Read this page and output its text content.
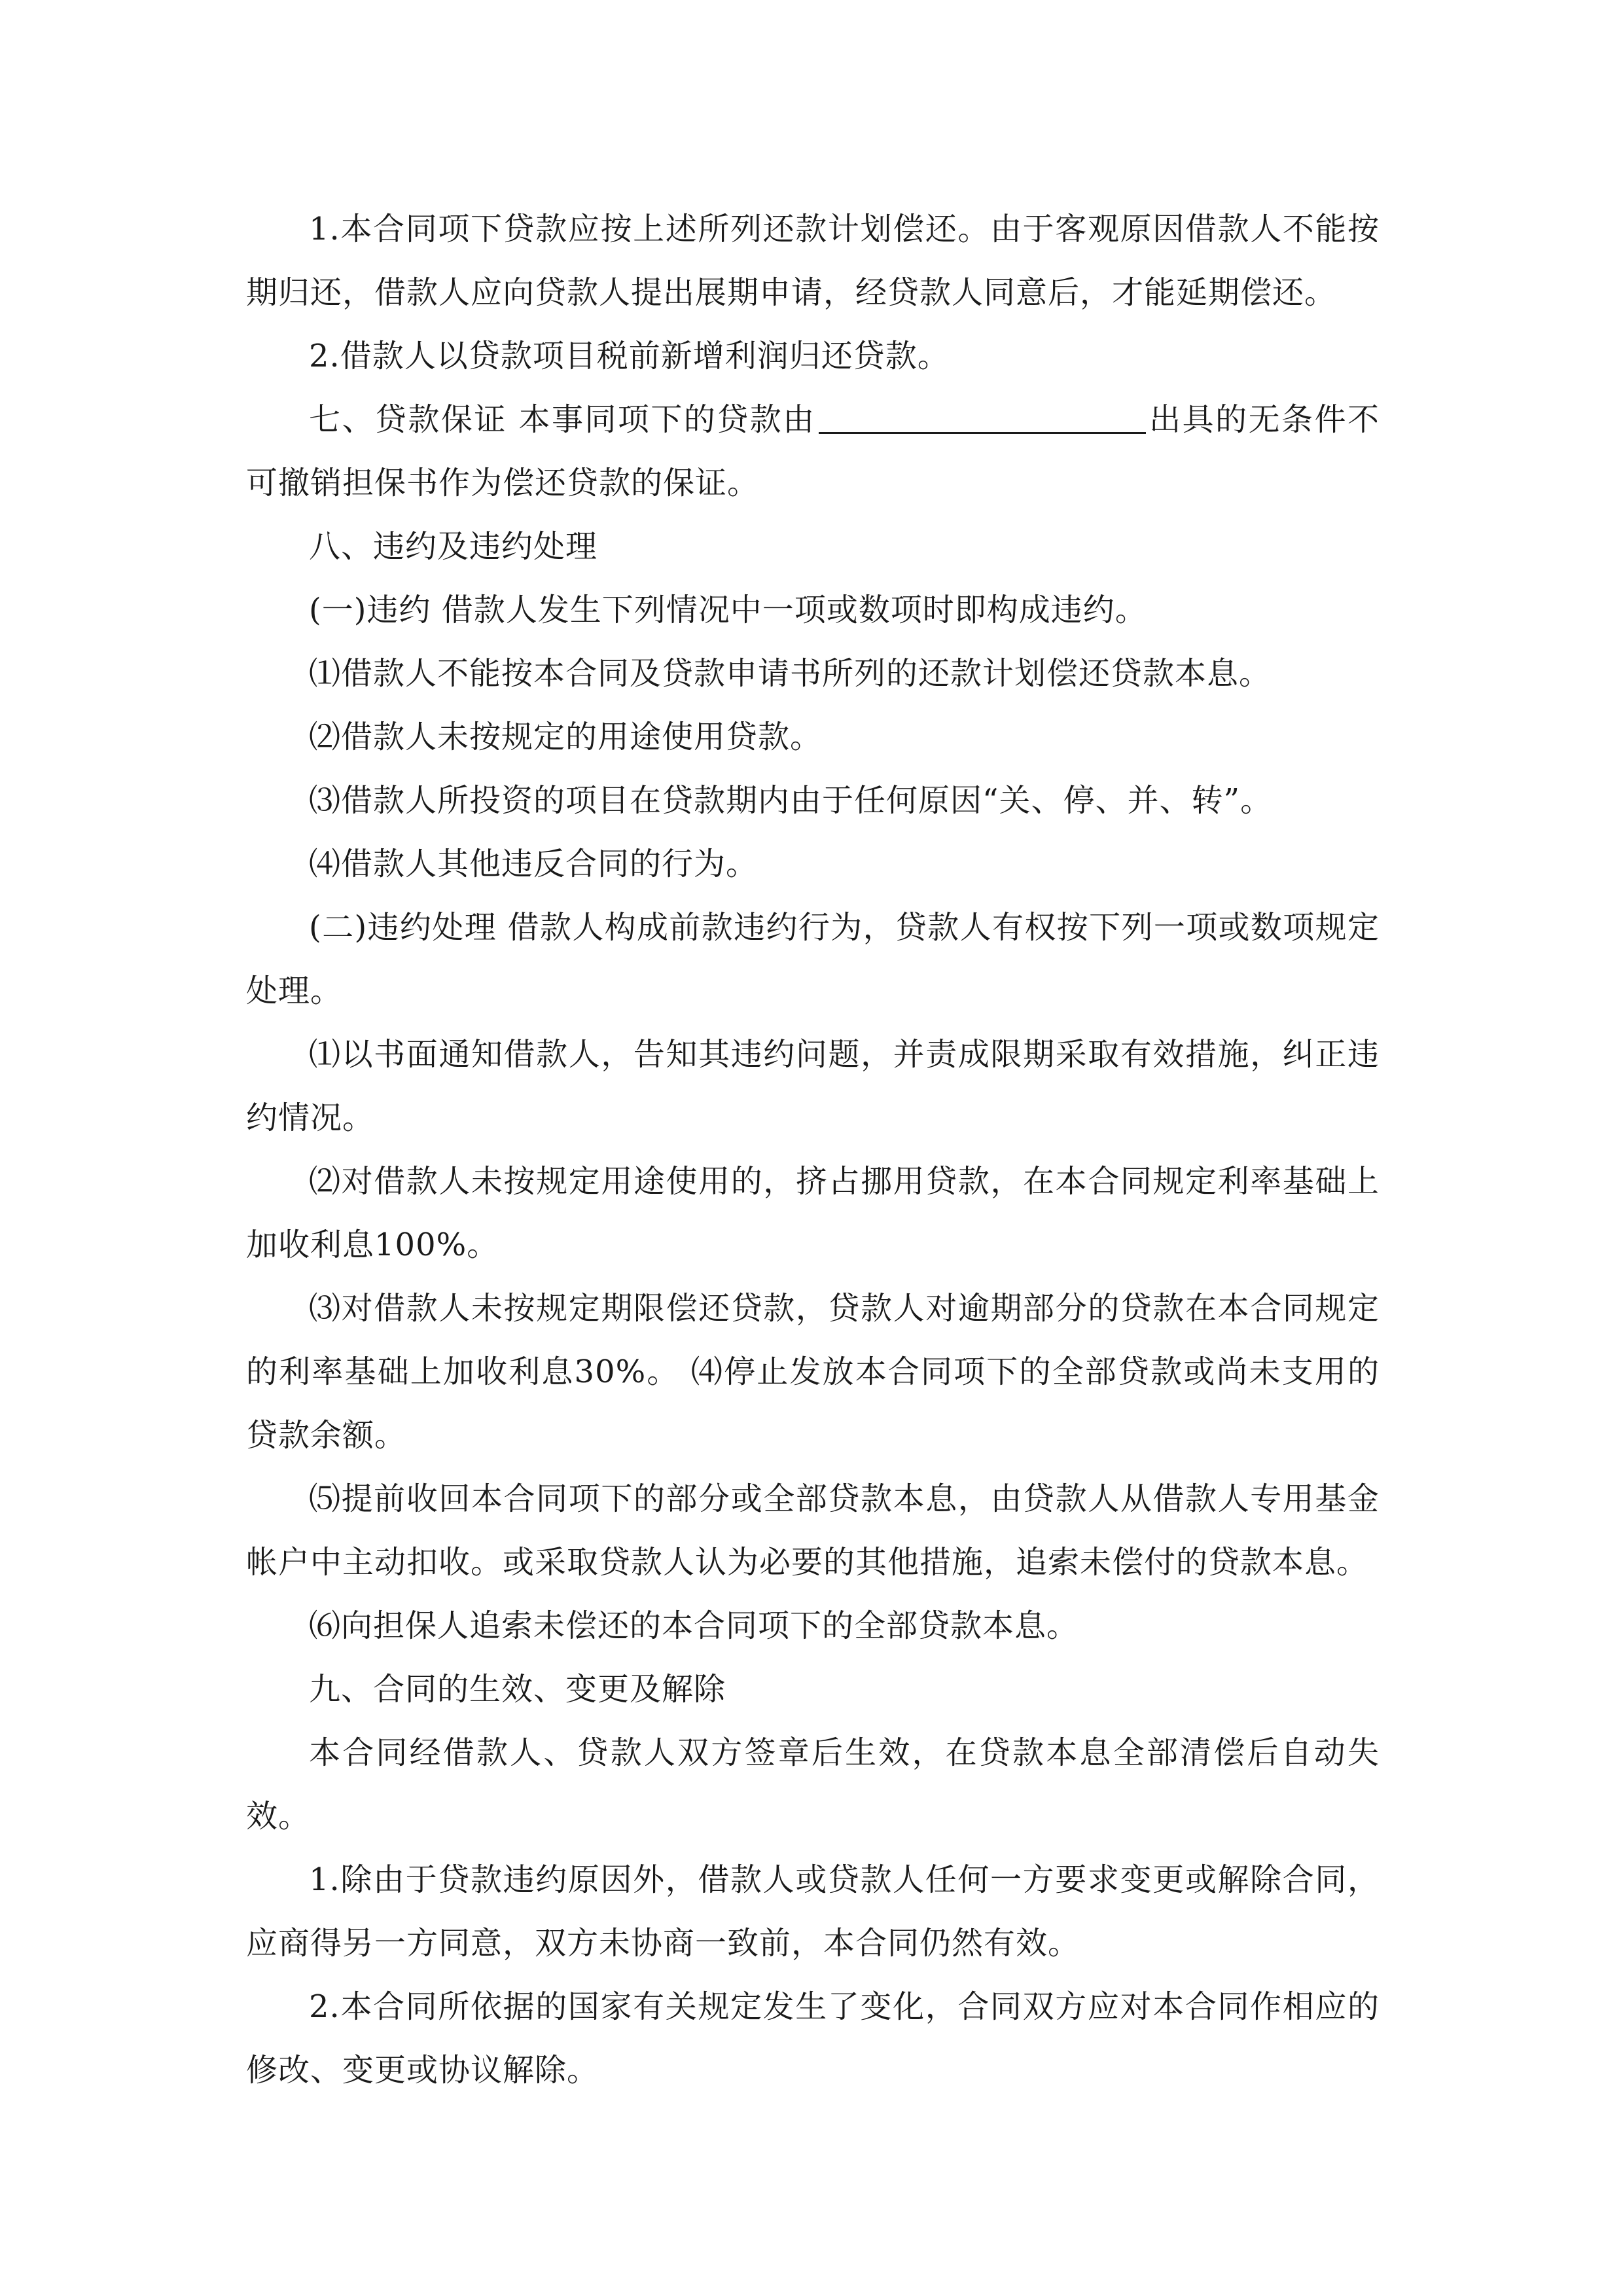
1.本合同项下贷款应按上述所列还款计划偿还。由于客观原因借款人不能按期归还，借款人应向贷款人提出展期申请，经贷款人同意后，才能延期偿还。

2.借款人以贷款项目税前新增利润归还贷款。

七、贷款保证 本事同项下的贷款由	出具的无条件不可撤销担保书作为偿还贷款的保证。

八、违约及违约处理

(一)违约 借款人发生下列情况中一项或数项时即构成违约。

⑴借款人不能按本合同及贷款申请书所列的还款计划偿还贷款本息。

⑵借款人未按规定的用途使用贷款。

⑶借款人所投资的项目在贷款期内由于任何原因“关、停、并、转”。

⑷借款人其他违反合同的行为。

(二)违约处理 借款人构成前款违约行为，贷款人有权按下列一项或数项规定处理。

⑴以书面通知借款人，告知其违约问题，并责成限期采取有效措施，纠正违约情况。

⑵对借款人未按规定用途使用的，挤占挪用贷款，在本合同规定利率基础上加收利息100%。

⑶对借款人未按规定期限偿还贷款，贷款人对逾期部分的贷款在本合同规定的利率基础上加收利息30%。 ⑷停止发放本合同项下的全部贷款或尚未支用的贷款余额。

⑸提前收回本合同项下的部分或全部贷款本息，由贷款人从借款人专用基金帐户中主动扣收。或采取贷款人认为必要的其他措施，追索未偿付的贷款本息。

⑹向担保人追索未偿还的本合同项下的全部贷款本息。

九、合同的生效、变更及解除

本合同经借款人、贷款人双方签章后生效，在贷款本息全部清偿后自动失效。

1.除由于贷款违约原因外，借款人或贷款人任何一方要求变更或解除合同，应商得另一方同意，双方未协商一致前，本合同仍然有效。

2.本合同所依据的国家有关规定发生了变化，合同双方应对本合同作相应的修改、变更或协议解除。
